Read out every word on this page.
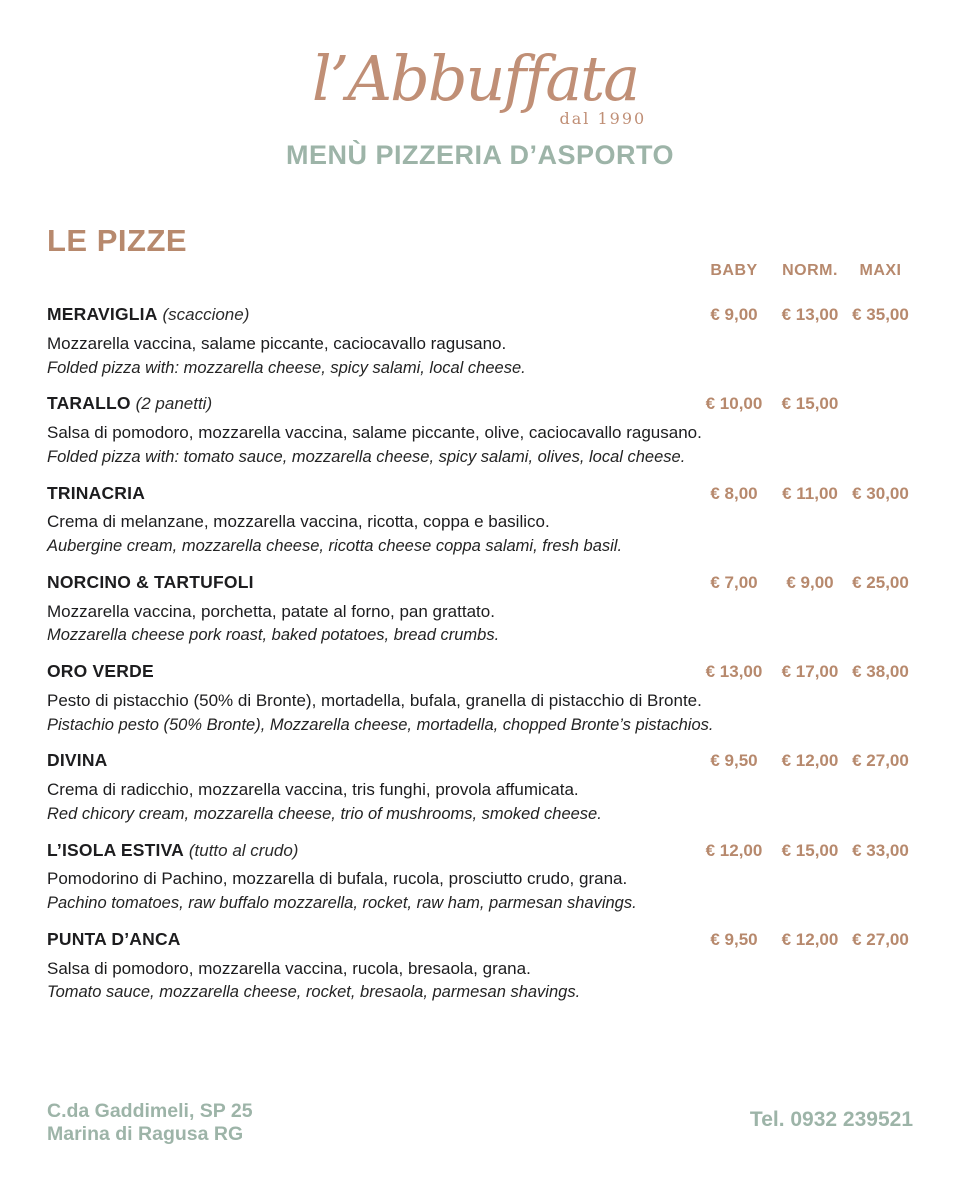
l’Abbuffata
dal 1990
MENÙ PIZZERIA D’ASPORTO
LE PIZZE
BABY	NORM.	MAXI
MERAVIGLIA (scaccione)	€ 9,00	€ 13,00 € 35,00

Mozzarella vaccina, salame piccante, caciocavallo ragusano.

Folded pizza with: mozzarella cheese, spicy salami, local cheese.

TARALLO (2 panetti)	€ 10,00	€ 15,00

Salsa di pomodoro, mozzarella vaccina, salame piccante, olive, caciocavallo ragusano.

Folded pizza with: tomato sauce, mozzarella cheese, spicy salami, olives, local cheese.

TRINACRIA	€ 8,00	€ 11,00 € 30,00

Crema di melanzane, mozzarella vaccina, ricotta, coppa e basilico.

Aubergine cream, mozzarella cheese, ricotta cheese coppa salami, fresh basil.

NORCINO & TARTUFOLI	€ 7,00	€ 9,00	€ 25,00

Mozzarella vaccina, porchetta, patate al forno, pan grattato.

Mozzarella cheese pork roast, baked potatoes, bread crumbs.

ORO VERDE	€ 13,00	€ 17,00 € 38,00

Pesto di pistacchio (50% di Bronte), mortadella, bufala, granella di pistacchio di Bronte.

Pistachio pesto (50% Bronte), Mozzarella cheese, mortadella, chopped Bronte’s pistachios.

DIVINA	€ 9,50	€ 12,00 € 27,00

Crema di radicchio, mozzarella vaccina, tris funghi, provola affumicata.

Red chicory cream, mozzarella cheese, trio of mushrooms, smoked cheese.

L’ISOLA ESTIVA (tutto al crudo)	€ 12,00	€ 15,00 € 33,00

Pomodorino di Pachino, mozzarella di bufala, rucola, prosciutto crudo, grana.

Pachino tomatoes, raw buffalo mozzarella, rocket, raw ham, parmesan shavings.

PUNTA D’ANCA	€ 9,50	€ 12,00 € 27,00

Salsa di pomodoro, mozzarella vaccina, rucola, bresaola, grana.

Tomato sauce, mozzarella cheese, rocket, bresaola, parmesan shavings.

C.da Gaddimeli, SP 25
Marina di Ragusa RG
Tel. 0932 239521
